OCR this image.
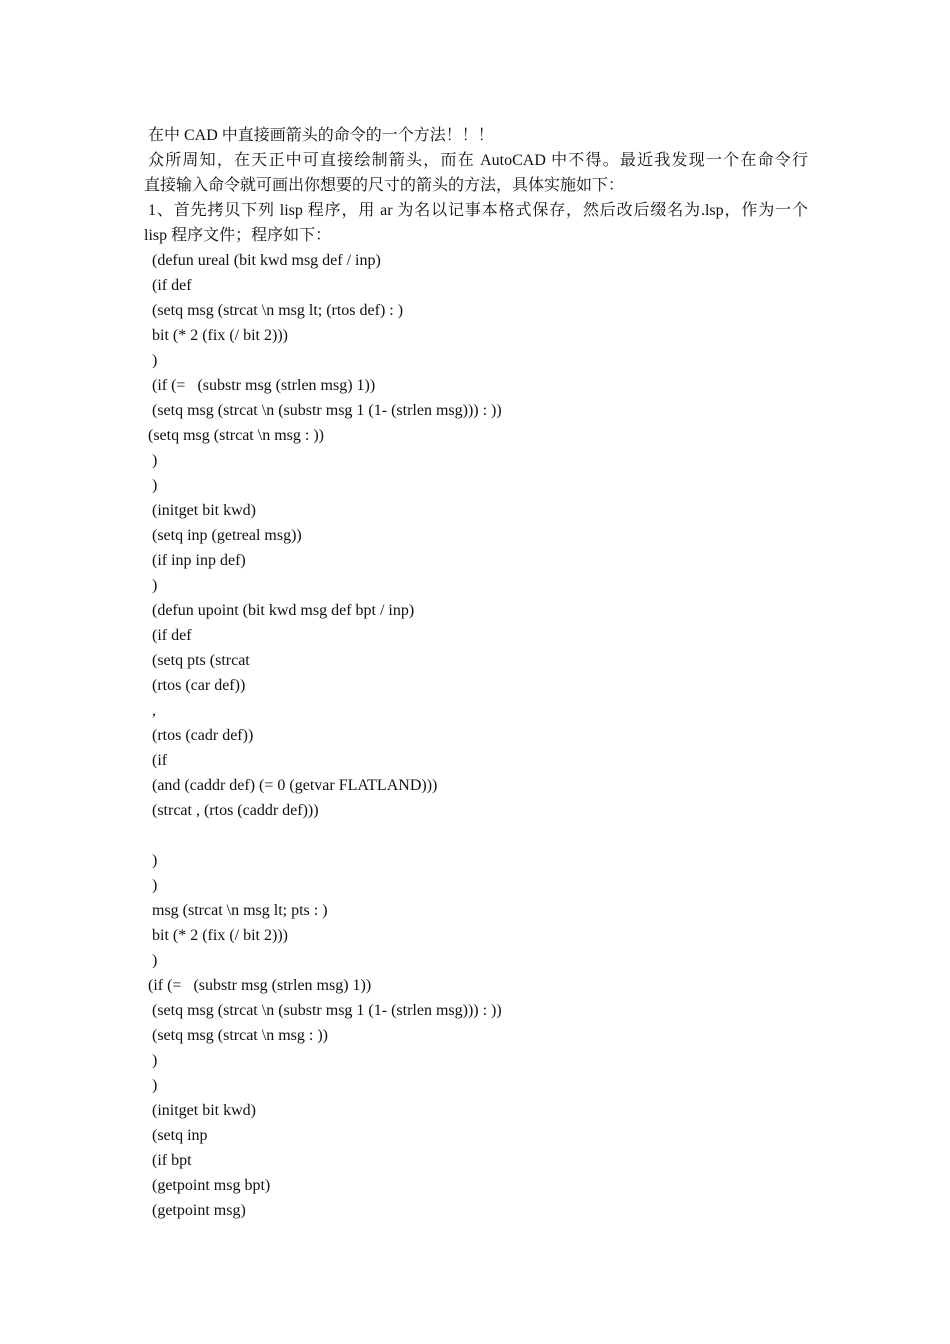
在中 CAD 中直接画箭头的命令的一个方法！！！
众所周知，在天正中可直接绘制箭头，而在 AutoCAD 中不得。最近我发现一个在命令行
直接输入命令就可画出你想要的尺寸的箭头的方法，具体实施如下：
1、首先拷贝下列 lisp 程序，用 ar 为名以记事本格式保存，然后改后缀名为.lsp，作为一个
lisp 程序文件；程序如下：
(defun ureal (bit kwd msg def / inp)
(if def
(setq msg (strcat \n msg lt; (rtos def) : )
bit (* 2 (fix (/ bit 2)))
)
(if (=   (substr msg (strlen msg) 1))
(setq msg (strcat \n (substr msg 1 (1- (strlen msg))) : ))
(setq msg (strcat \n msg : ))
)
)
(initget bit kwd)
(setq inp (getreal msg))
(if inp inp def)
)
(defun upoint (bit kwd msg def bpt / inp)
(if def
(setq pts (strcat
(rtos (car def))
,
(rtos (cadr def))
(if
(and (caddr def) (= 0 (getvar FLATLAND)))
(strcat , (rtos (caddr def)))
)
)
msg (strcat \n msg lt; pts : )
bit (* 2 (fix (/ bit 2)))
)
(if (=   (substr msg (strlen msg) 1))
(setq msg (strcat \n (substr msg 1 (1- (strlen msg))) : ))
(setq msg (strcat \n msg : ))
)
)
(initget bit kwd)
(setq inp
(if bpt
(getpoint msg bpt)
(getpoint msg)
